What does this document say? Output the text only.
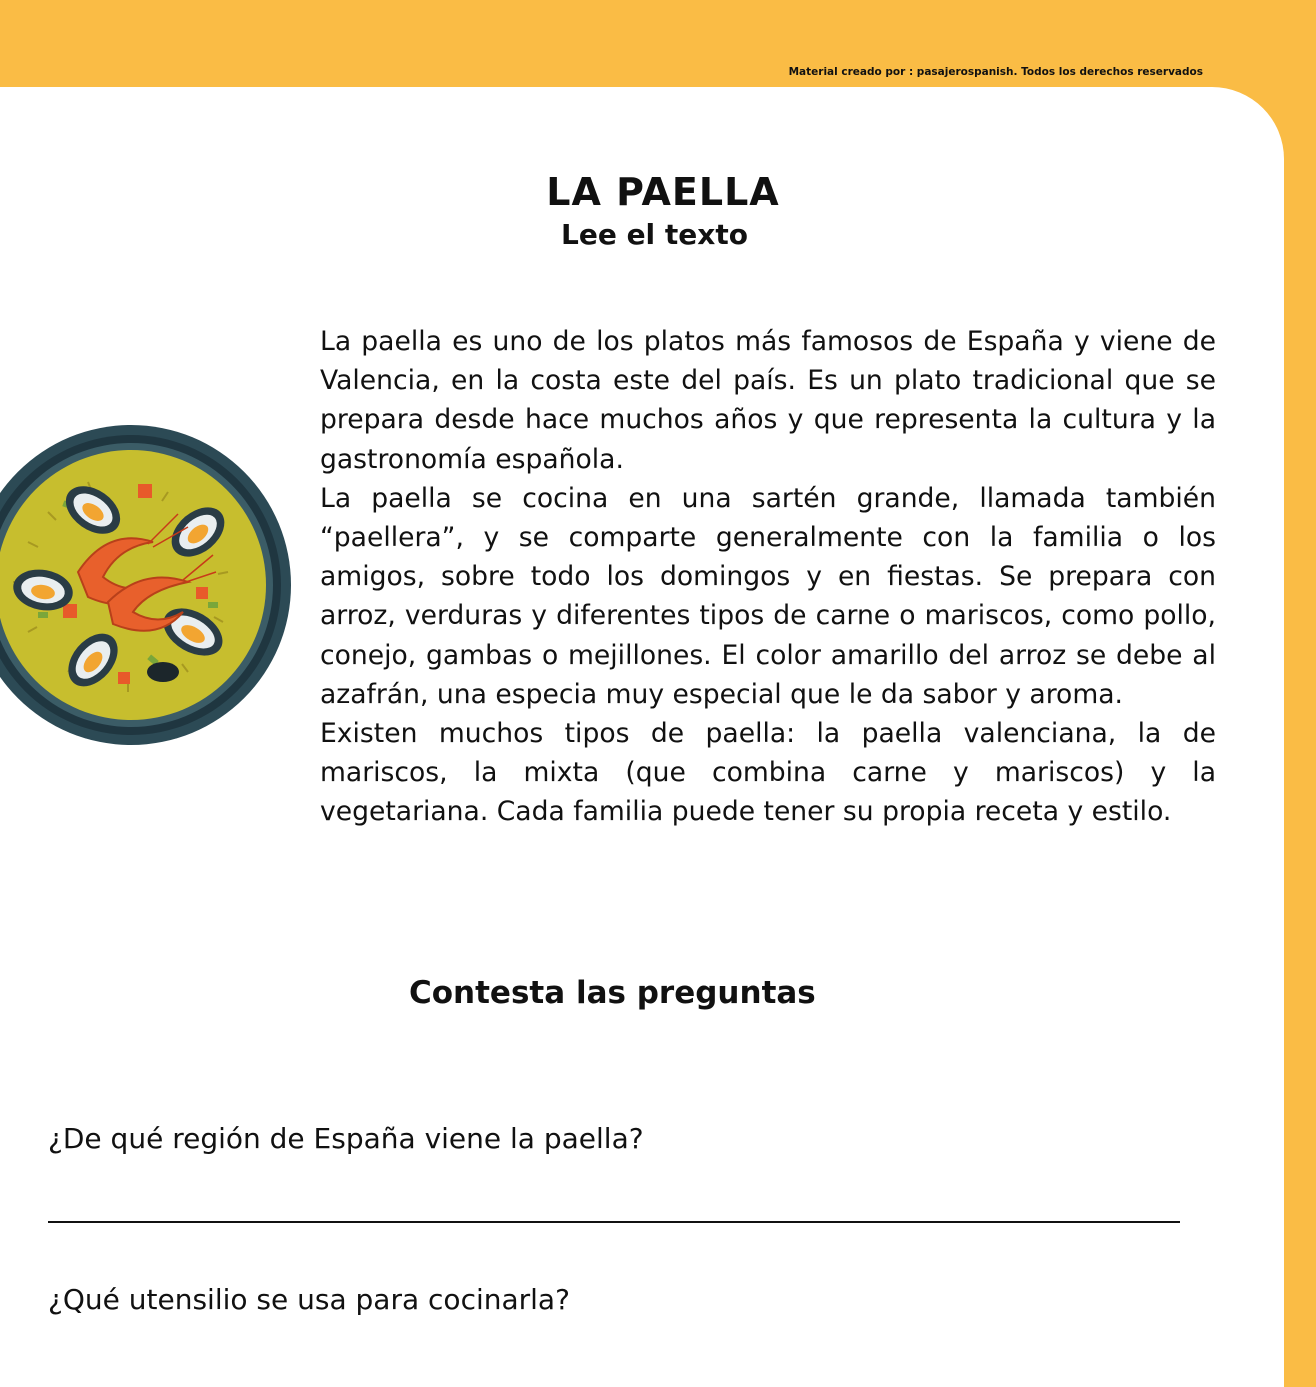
Material creado por : pasajerospanish. Todos los derechos reservados
LA PAELLA
Lee el texto

La paella es uno de los platos más famosos de España y viene de Valencia, en la costa este del país. Es un plato tradicional que se prepara desde hace muchos años y que representa la cultura y la gastronomía española.

La paella se cocina en una sartén grande, llamada también “paellera”, y se comparte generalmente con la familia o los amigos, sobre todo los domingos y en fiestas. Se prepara con arroz, verduras y diferentes tipos de carne o mariscos, como pollo, conejo, gambas o mejillones. El color amarillo del arroz se debe al azafrán, una especia muy especial que le da sabor y aroma.

Existen muchos tipos de paella: la paella valenciana, la de mariscos, la mixta (que combina carne y mariscos) y la vegetariana. Cada familia puede tener su propia receta y estilo.

Contesta las preguntas
¿De qué región de España viene la paella?
¿Qué utensilio se usa para cocinarla?
